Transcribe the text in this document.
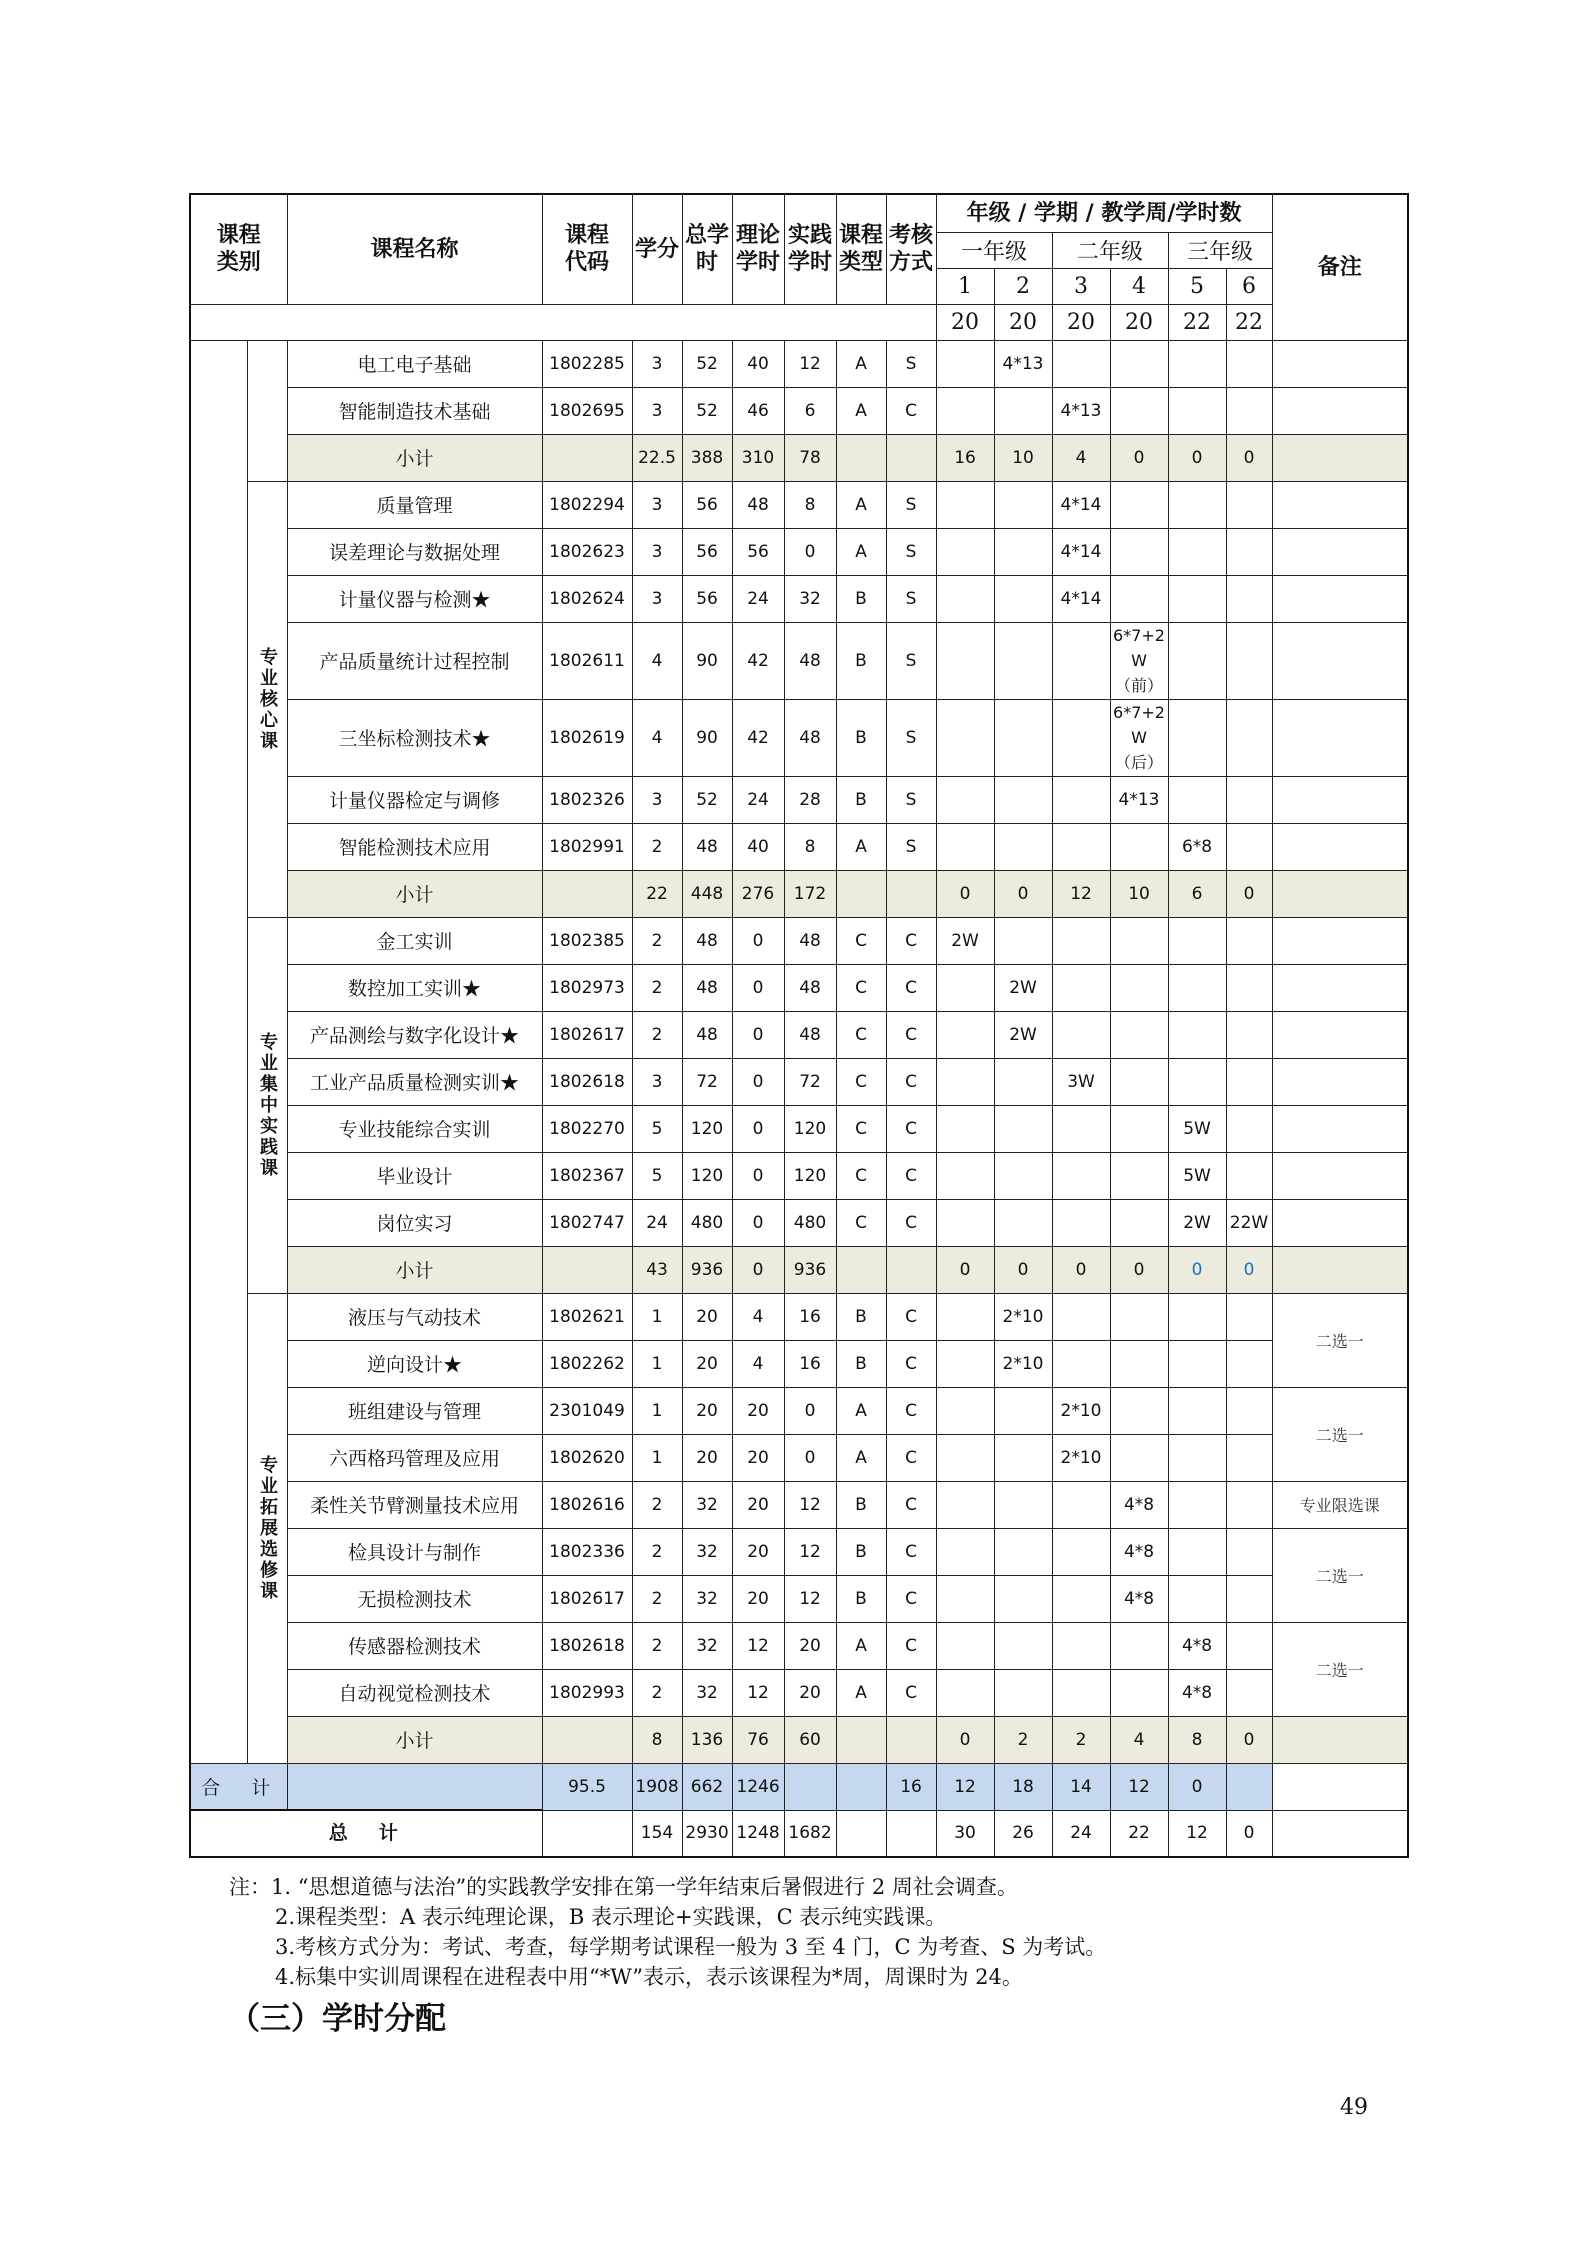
课程类别		课程名称	课程代码	学分	总学时	理论学时	实践学时	课程类型	考核方式	年级 / 学期 / 教学周/学时数						备注
										一年级		二年级		三年级		
										1	2	3	4	5	6	
										20	20	20	20	22	22	
		电工电子基础	1802285	3	52	40	12	A	S		4*13					
		智能制造技术基础	1802695	3	52	46	6	A	C			4*13				
		小计		22.5	388	310	78			16	10	4	0	0	0	
	专业核心课	质量管理	1802294	3	56	48	8	A	S			4*14				
		误差理论与数据处理	1802623	3	56	56	0	A	S			4*14				
		计量仪器与检测★	1802624	3	56	24	32	B	S			4*14				
		产品质量统计过程控制	1802611	4	90	42	48	B	S				6*7+2
W
（前）			

		三坐标检测技术★	1802619	4	90	42	48	B	S				6*7+2
W
（后）			

		计量仪器检定与调修	1802326	3	52	24	28	B	S				4*13			
		智能检测技术应用	1802991	2	48	40	8	A	S					6*8		
		小计		22	448	276	172			0	0	12	10	6	0	
	专业集中实践课	金工实训	1802385	2	48	0	48	C	C	2W						
		数控加工实训★	1802973	2	48	0	48	C	C		2W					
		产品测绘与数字化设计★	1802617	2	48	0	48	C	C		2W					
		工业产品质量检测实训★	1802618	3	72	0	72	C	C			3W				
		专业技能综合实训	1802270	5	120	0	120	C	C					5W		
		毕业设计	1802367	5	120	0	120	C	C					5W		
		岗位实习	1802747	24	480	0	480	C	C					2W	22W	
		小计		43	936	0	936			0	0	0	0	0	0	
	专业拓展选修课	液压与气动技术	1802621	1	20	4	16	B	C		2*10					二选一
		逆向设计★	1802262	1	20	4	16	B	C		2*10					
		班组建设与管理	2301049	1	20	20	0	A	C			2*10				二选一
		六西格玛管理及应用	1802620	1	20	20	0	A	C			2*10				
		柔性关节臂测量技术应用	1802616	2	32	20	12	B	C				4*8			专业限选课
		检具设计与制作	1802336	2	32	20	12	B	C				4*8			二选一
		无损检测技术	1802617	2	32	20	12	B	C				4*8			
		传感器检测技术	1802618	2	32	12	20	A	C					4*8		二选一
		自动视觉检测技术	1802993	2	32	12	20	A	C					4*8		
		小计		8	136	76	60			0	2	2	4	8	0	
合　计			95.5	1908	662	1246			16	12	18	14	12	0		
总　计				154	2930	1248	1682			30	26	24	22	12	0	
注：1. “思想道德与法治”的实践教学安排在第一学年结束后暑假进行 2 周社会调查。
2.课程类型：A 表示纯理论课，B 表示理论+实践课，C 表示纯实践课。
3.考核方式分为：考试、考查，每学期考试课程一般为 3 至 4 门，C 为考查、S 为考试。
4.标集中实训周课程在进程表中用“*W”表示，表示该课程为*周，周课时为 24。
（三）学时分配
49
